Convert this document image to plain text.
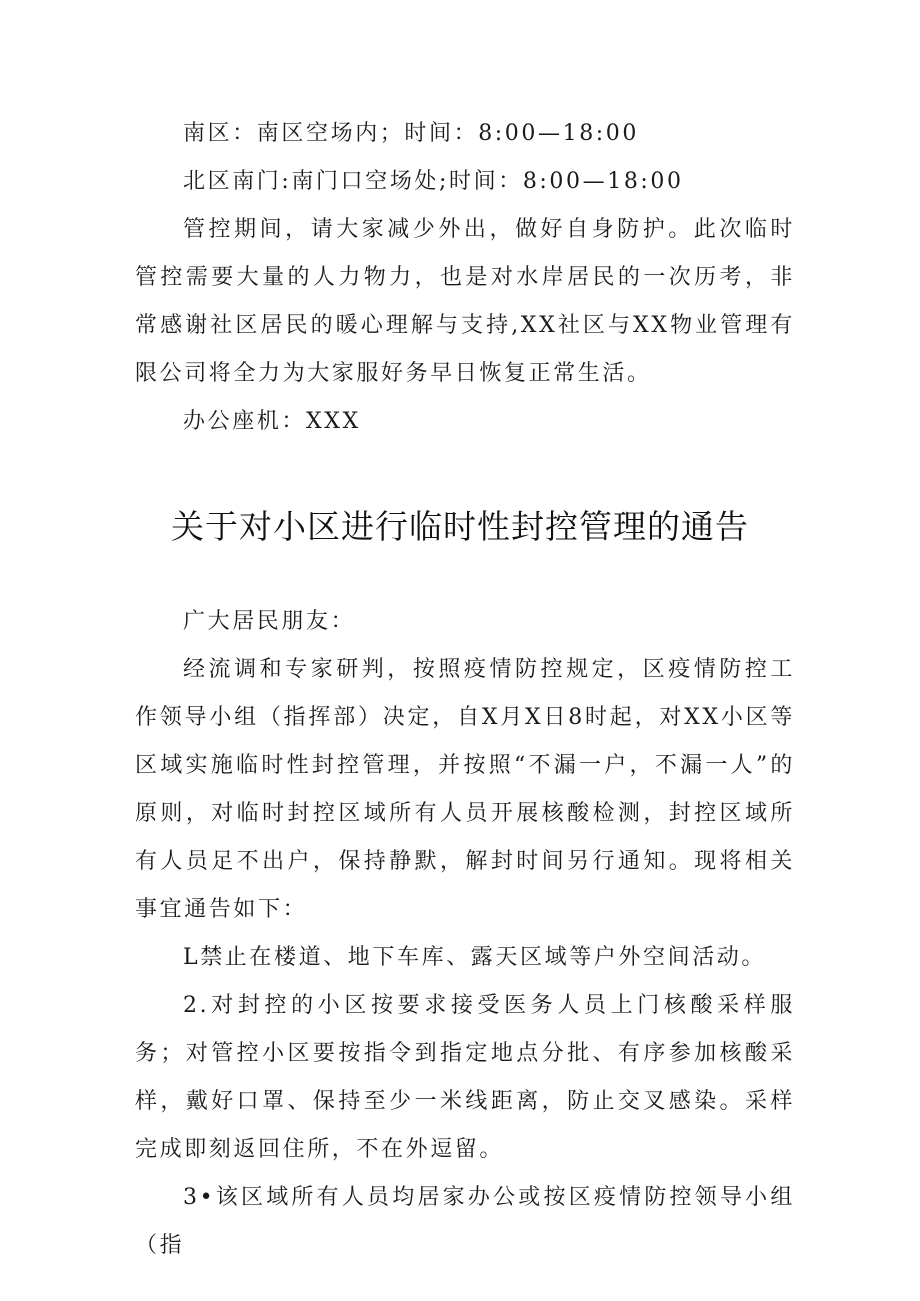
南区：南区空场内；时间：8:00—18:00

北区南门:南门口空场处;时间：8:00—18:00

管控期间，请大家减少外出，做好自身防护。此次临时管控需要大量的人力物力，也是对水岸居民的一次历考，非常感谢社区居民的暖心理解与支持,XX社区与XX物业管理有限公司将全力为大家服好务早日恢复正常生活。

办公座机：XXX

关于对小区进行临时性封控管理的通告

广大居民朋友：

经流调和专家研判，按照疫情防控规定，区疫情防控工作领导小组（指挥部）决定，自X月X日8时起，对XX小区等区域实施临时性封控管理，并按照“不漏一户，不漏一人”的原则，对临时封控区域所有人员开展核酸检测，封控区域所有人员足不出户，保持静默，解封时间另行通知。现将相关事宜通告如下：

L禁止在楼道、地下车库、露天区域等户外空间活动。

2.对封控的小区按要求接受医务人员上门核酸采样服务；对管控小区要按指令到指定地点分批、有序参加核酸采样，戴好口罩、保持至少一米线距离，防止交叉感染。采样完成即刻返回住所，不在外逗留。

3•该区域所有人员均居家办公或按区疫情防控领导小组（指
